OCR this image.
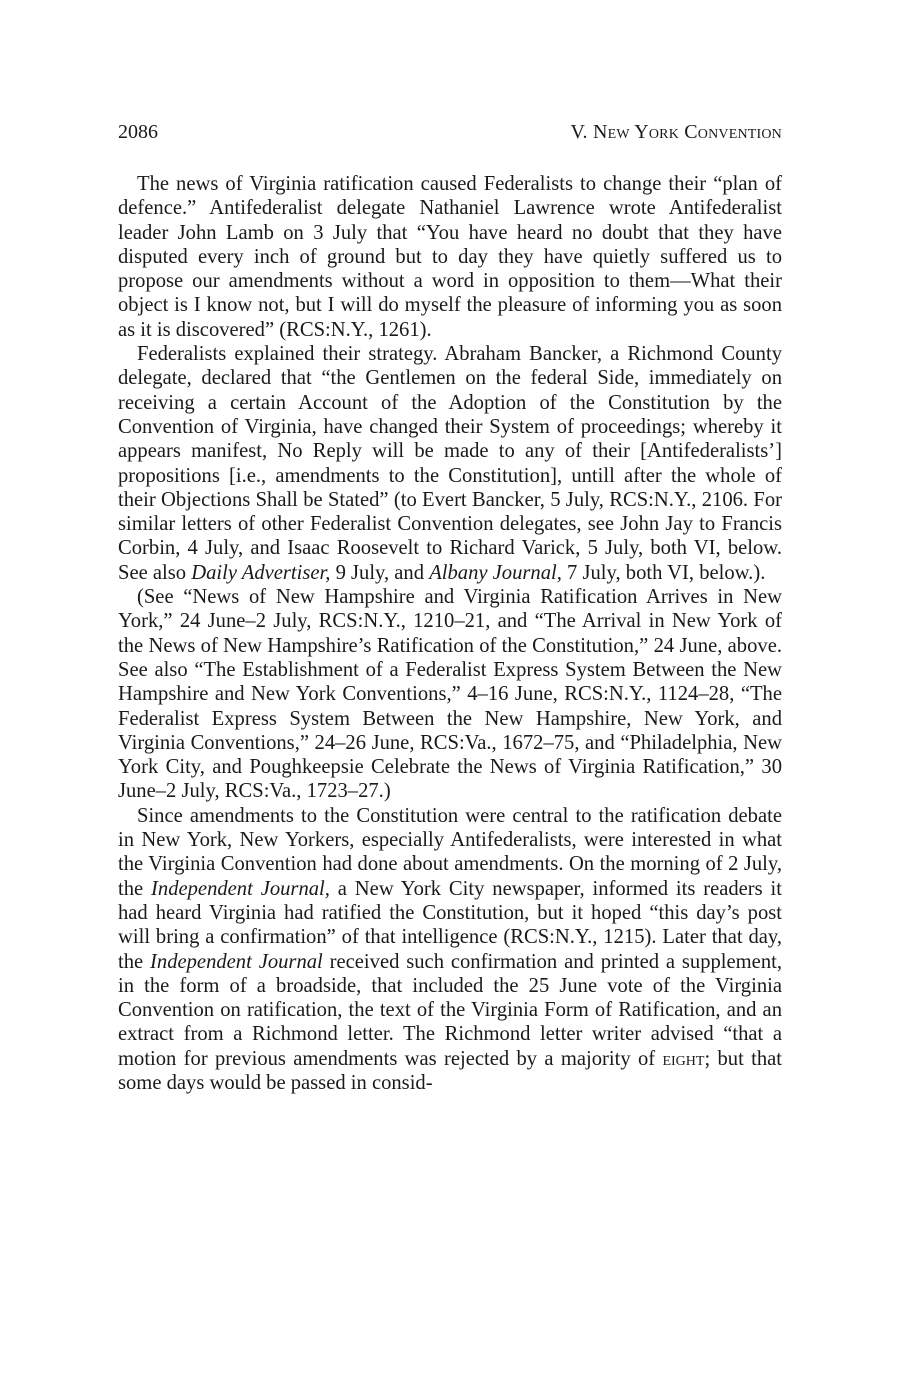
2086	V. New York Convention

The news of Virginia ratification caused Federalists to change their “plan of defence.” Antifederalist delegate Nathaniel Lawrence wrote Antifederalist leader John Lamb on 3 July that “You have heard no doubt that they have disputed every inch of ground but to day they have quietly suffered us to propose our amendments without a word in opposition to them—What their object is I know not, but I will do myself the pleasure of informing you as soon as it is discovered” (RCS:N.Y., 1261).

Federalists explained their strategy. Abraham Bancker, a Richmond County delegate, declared that “the Gentlemen on the federal Side, immediately on receiving a certain Account of the Adoption of the Constitution by the Convention of Virginia, have changed their System of proceedings; whereby it appears manifest, No Reply will be made to any of their [Antifederalists’] propositions [i.e., amendments to the Constitution], untill after the whole of their Objections Shall be Stated” (to Evert Bancker, 5 July, RCS:N.Y., 2106. For similar letters of other Federalist Convention delegates, see John Jay to Francis Corbin, 4 July, and Isaac Roosevelt to Richard Varick, 5 July, both VI, below. See also Daily Advertiser, 9 July, and Albany Journal, 7 July, both VI, below.).

(See “News of New Hampshire and Virginia Ratification Arrives in New York,” 24 June–2 July, RCS:N.Y., 1210–21, and “The Arrival in New York of the News of New Hampshire’s Ratification of the Constitution,” 24 June, above. See also “The Establishment of a Federalist Express System Between the New Hampshire and New York Conventions,” 4–16 June, RCS:N.Y., 1124–28, “The Federalist Express System Between the New Hampshire, New York, and Virginia Conventions,” 24–26 June, RCS:Va., 1672–75, and “Philadelphia, New York City, and Poughkeepsie Celebrate the News of Virginia Ratification,” 30 June–2 July, RCS:Va., 1723–27.)

Since amendments to the Constitution were central to the ratification debate in New York, New Yorkers, especially Antifederalists, were interested in what the Virginia Convention had done about amendments. On the morning of 2 July, the Independent Journal, a New York City newspaper, informed its readers it had heard Virginia had ratified the Constitution, but it hoped “this day’s post will bring a confirmation” of that intelligence (RCS:N.Y., 1215). Later that day, the Independent Journal received such confirmation and printed a supplement, in the form of a broadside, that included the 25 June vote of the Virginia Convention on ratification, the text of the Virginia Form of Ratification, and an extract from a Richmond letter. The Richmond letter writer advised “that a motion for previous amendments was rejected by a majority of eight; but that some days would be passed in consid-
